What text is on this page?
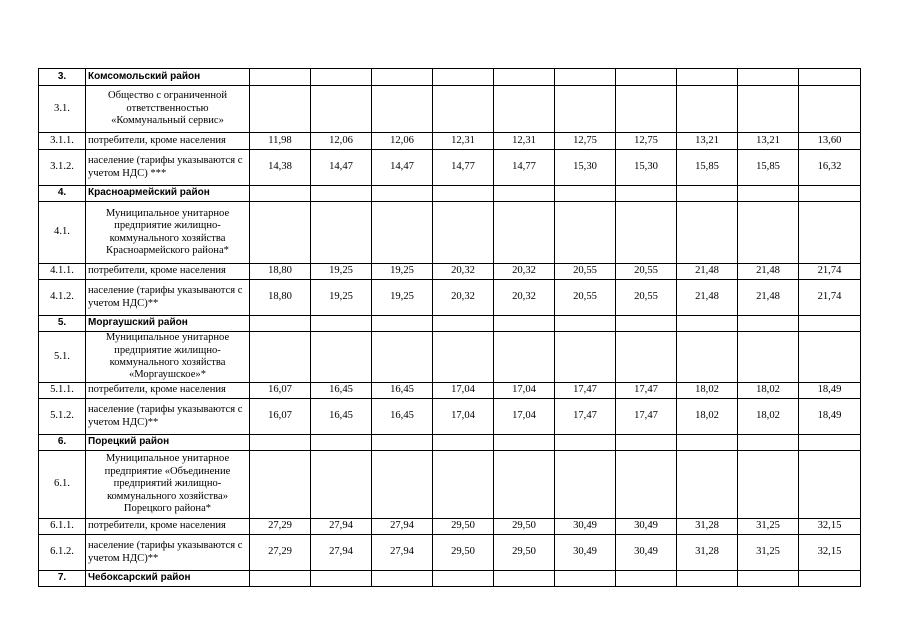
3.	Комсомольский район										
3.1.	Общество с ограниченной ответственностью «Коммунальный сервис»										
3.1.1.	потребители, кроме населения	11,98	12,06	12,06	12,31	12,31	12,75	12,75	13,21	13,21	13,60
3.1.2.	население (тарифы указываются с учетом НДС) ***	14,38	14,47	14,47	14,77	14,77	15,30	15,30	15,85	15,85	16,32
4.	Красноармейский район										
4.1.	Муниципальное унитарное предприятие жилищно-коммунального хозяйства Красноармейского района*										
4.1.1.	потребители, кроме населения	18,80	19,25	19,25	20,32	20,32	20,55	20,55	21,48	21,48	21,74
4.1.2.	население (тарифы указываются с учетом НДС)**	18,80	19,25	19,25	20,32	20,32	20,55	20,55	21,48	21,48	21,74
5.	Моргаушский район										
5.1.	Муниципальное унитарное предприятие жилищно-коммунального хозяйства «Моргаушское»*										
5.1.1.	потребители, кроме населения	16,07	16,45	16,45	17,04	17,04	17,47	17,47	18,02	18,02	18,49
5.1.2.	население (тарифы указываются с учетом НДС)**	16,07	16,45	16,45	17,04	17,04	17,47	17,47	18,02	18,02	18,49
6.	Порецкий район										
6.1.	Муниципальное унитарное предприятие «Объединение предприятий жилищно-коммунального хозяйства» Порецкого района*										
6.1.1.	потребители, кроме населения	27,29	27,94	27,94	29,50	29,50	30,49	30,49	31,28	31,25	32,15
6.1.2.	население (тарифы указываются с учетом НДС)**	27,29	27,94	27,94	29,50	29,50	30,49	30,49	31,28	31,25	32,15
7.	Чебоксарский район										
